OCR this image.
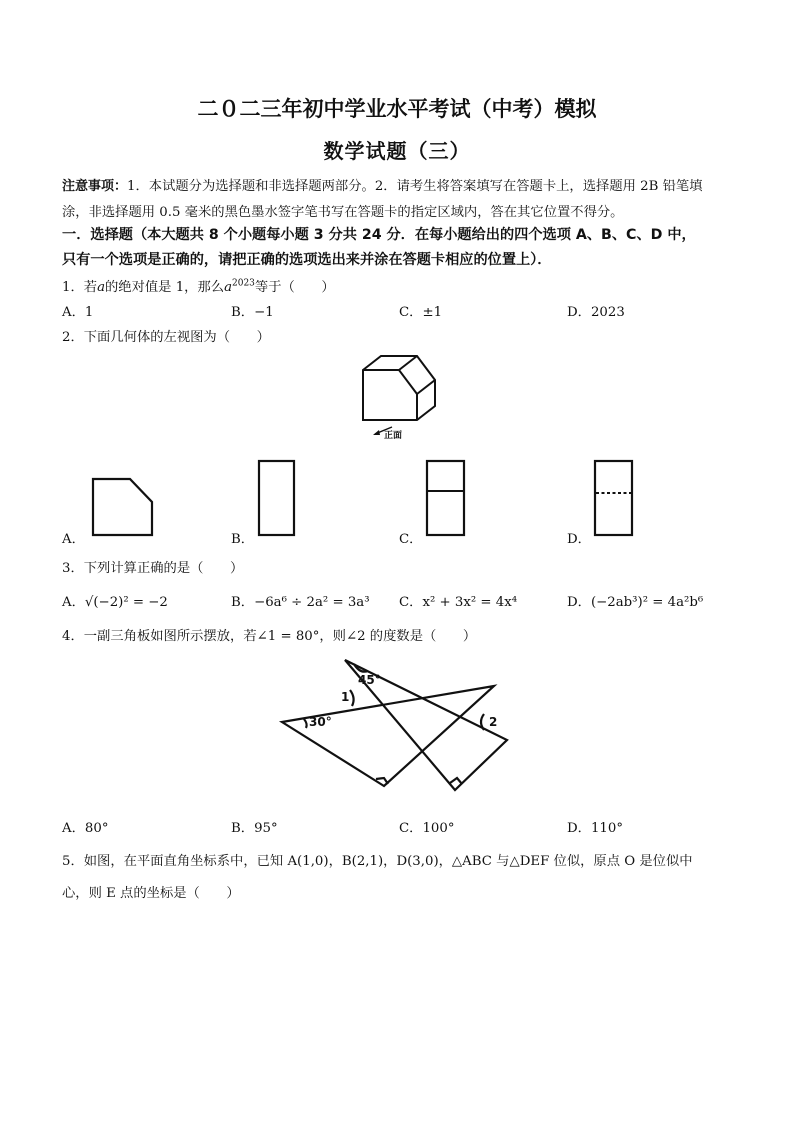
二０二三年初中学业水平考试（中考）模拟
数学试题（三）
注意事项：1．本试题分为选择题和非选择题两部分。2．请考生将答案填写在答题卡上，选择题用 2B 铅笔填
涂，非选择题用 0.5 毫米的黑色墨水签字笔书写在答题卡的指定区域内，答在其它位置不得分。
一．选择题（本大题共 8 个小题每小题 3 分共 24 分．在每小题给出的四个选项 A、B、C、D 中，
只有一个选项是正确的，请把正确的选项选出来并涂在答题卡相应的位置上）．
1．若a的绝对值是 1，那么$a^{2023}$等于（　　）
A．1	B．−1	C．±1	D．2023
2．下面几何体的左视图为（　　）
正面
A．	B．	C．	D．
3．下列计算正确的是（　　）
A．√(−2)² = −2	B．−6a⁶ ÷ 2a² = 3a³ C．x² + 3x² = 4x⁴	D．(−2ab³)² = 4a²b⁶
4．一副三角板如图所示摆放，若∠1 = 80°，则∠2 的度数是（　　）
45°
1
30°	2
A．80°	B．95°	C．100°	D．110°
5．如图，在平面直角坐标系中，已知 A(1,0)，B(2,1)，D(3,0)，△ABC 与△DEF 位似，原点 O 是位似中
心，则 E 点的坐标是（　　）
